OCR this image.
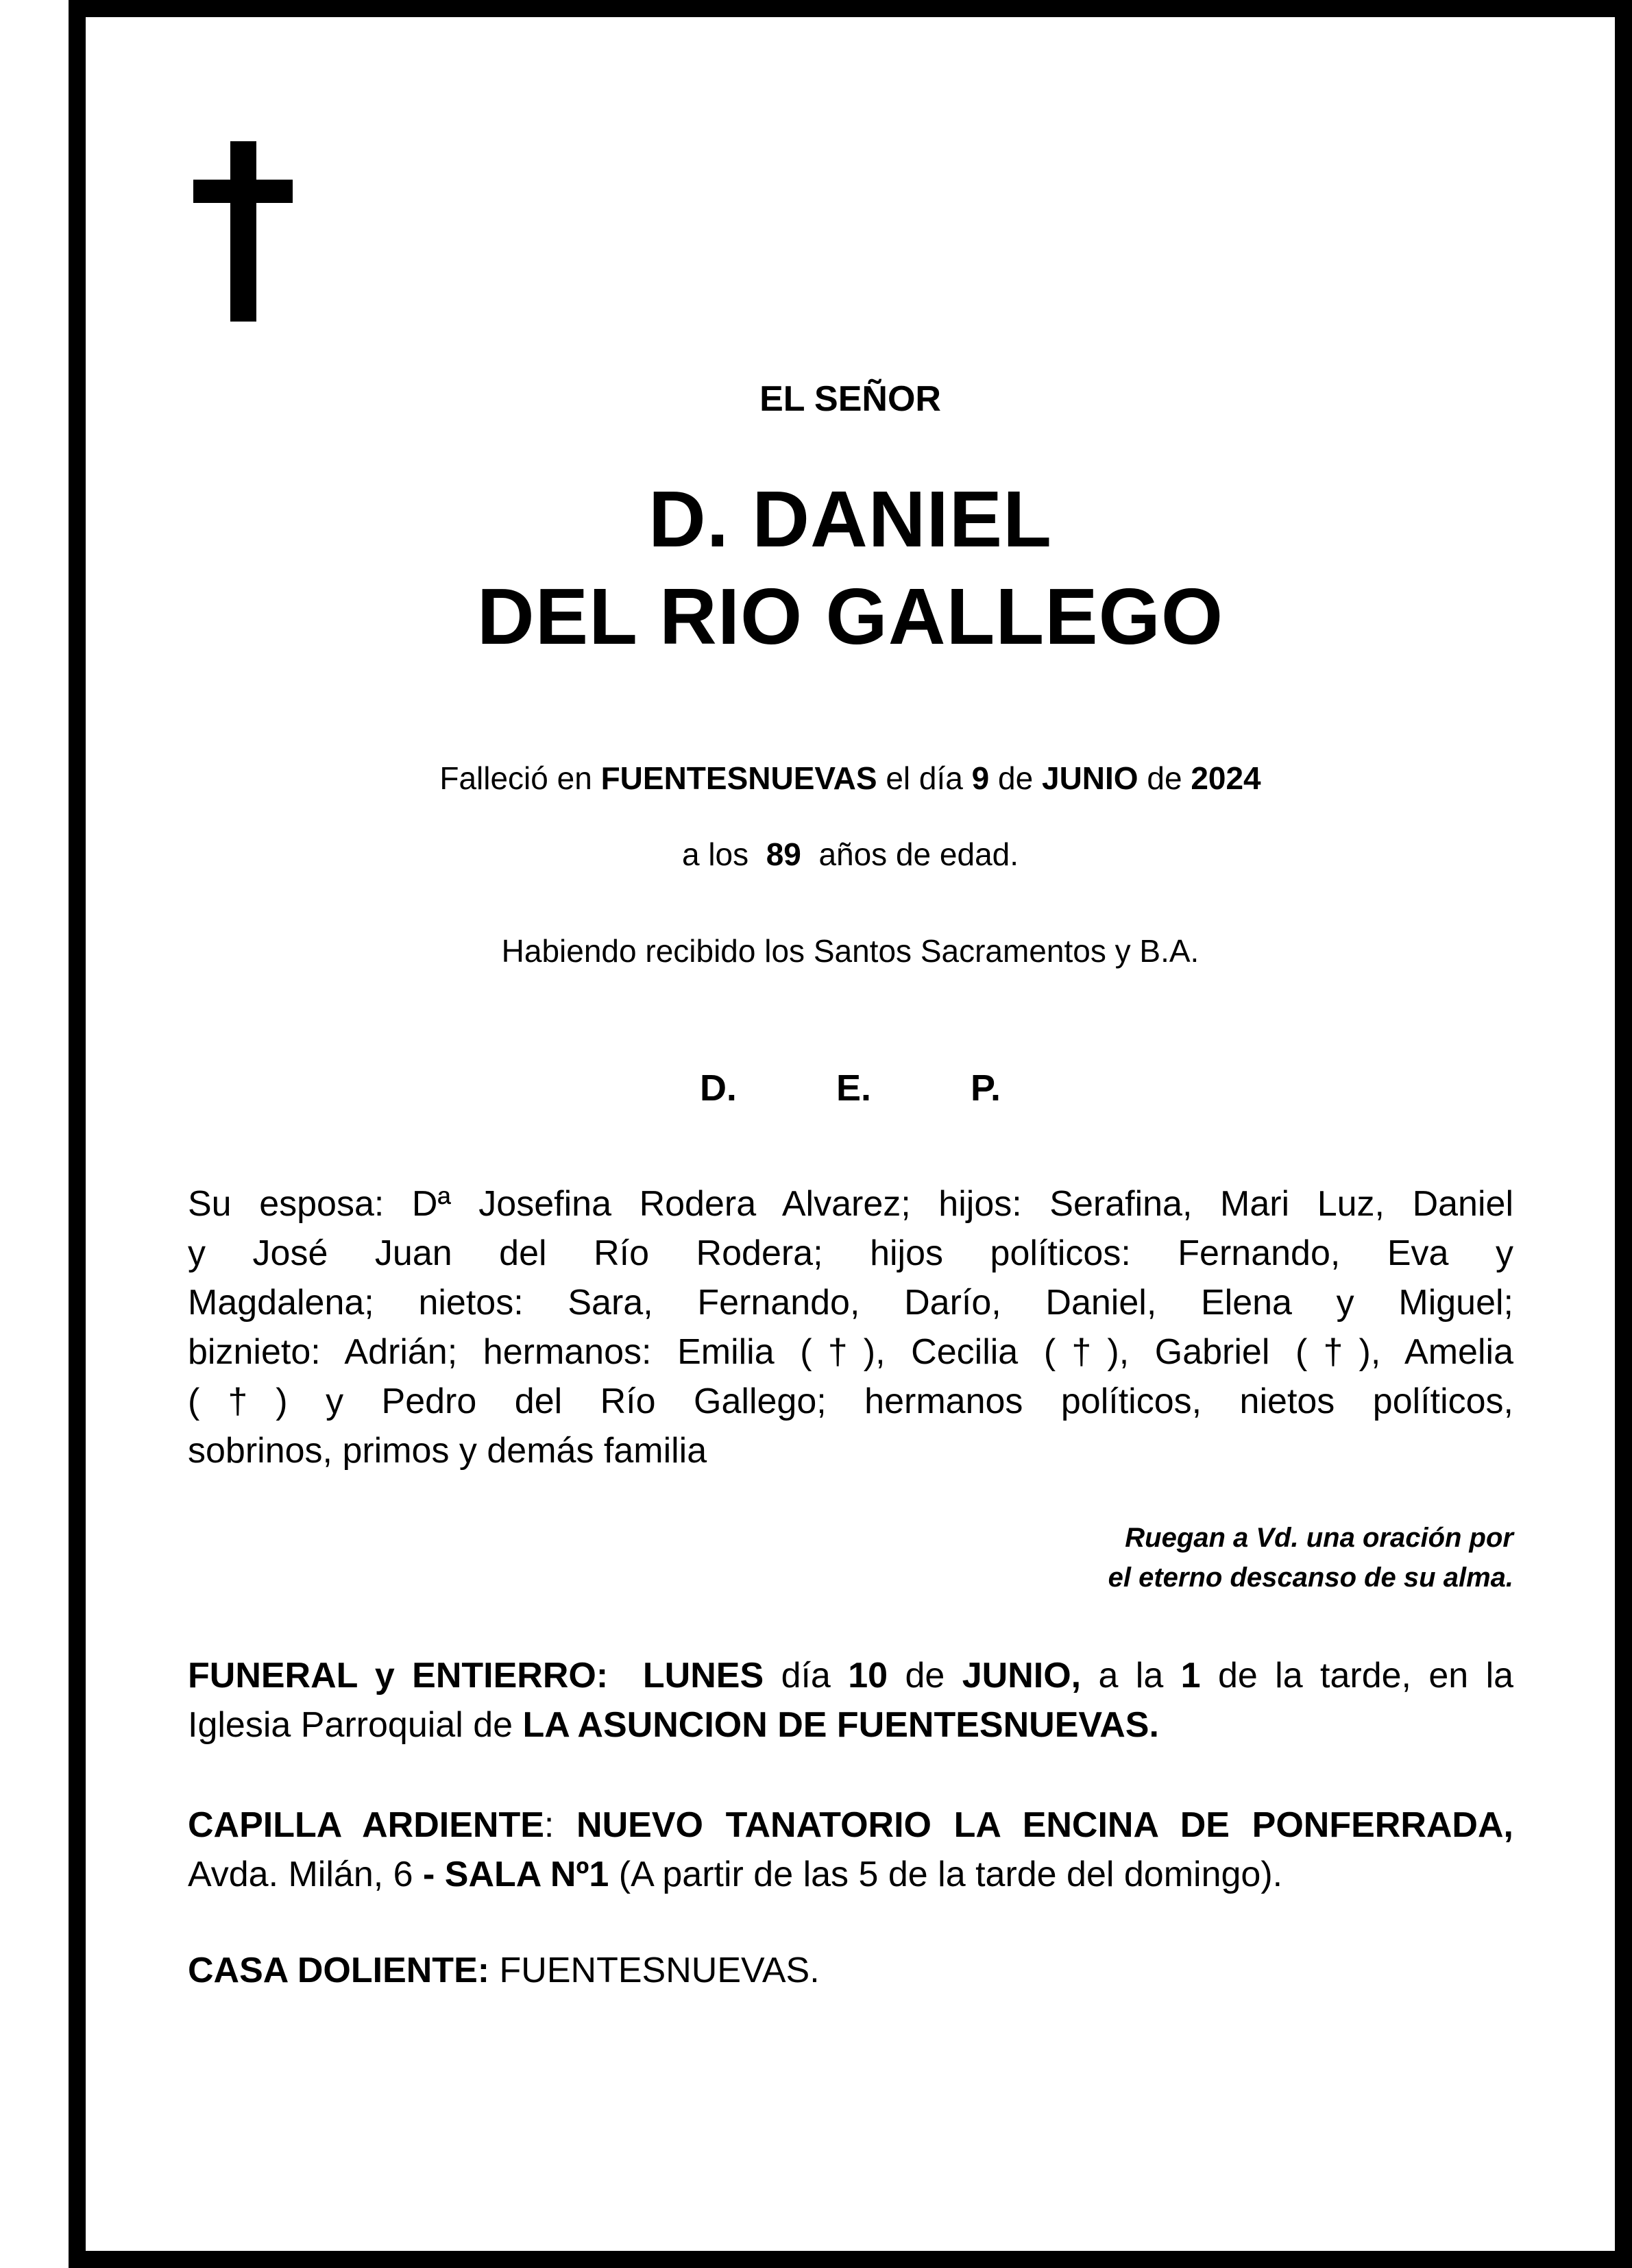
EL SEÑOR
D. DANIEL
DEL RIO GALLEGO
Falleció en FUENTESNUEVAS el día 9 de JUNIO de 2024
a los 89 años de edad.
Habiendo recibido los Santos Sacramentos y B.A.
D.	E.	P.
Su esposa: Dª Josefina Rodera Alvarez; hijos: Serafina, Mari Luz, Daniel
y José Juan del Río Rodera; hijos políticos: Fernando, Eva y
Magdalena; nietos: Sara, Fernando, Darío, Daniel, Elena y Miguel;
biznieto: Adrián; hermanos: Emilia (†), Cecilia (†), Gabriel (†), Amelia
(†) y Pedro del Río Gallego; hermanos políticos, nietos políticos,
sobrinos, primos y demás familia
Ruegan a Vd. una oración por
el eterno descanso de su alma.
FUNERAL y ENTIERRO: LUNES día 10 de JUNIO, a la 1 de la tarde, en la
Iglesia Parroquial de LA ASUNCION DE FUENTESNUEVAS.
CAPILLA ARDIENTE: NUEVO TANATORIO LA ENCINA DE PONFERRADA,
Avda. Milán, 6 - SALA Nº1 (A partir de las 5 de la tarde del domingo).
CASA DOLIENTE: FUENTESNUEVAS.
